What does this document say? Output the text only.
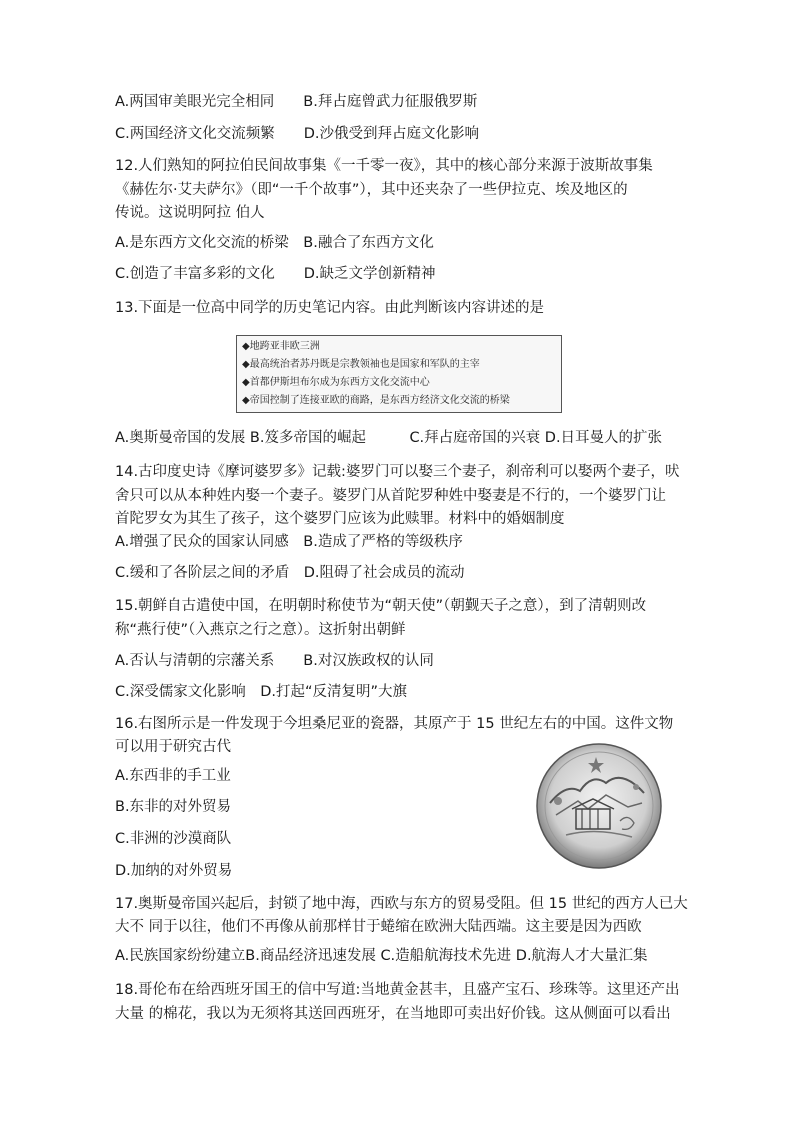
A.两国审美眼光完全相同　　B.拜占庭曾武力征服俄罗斯
C.两国经济文化交流频繁　　D.沙俄受到拜占庭文化影响
12.人们熟知的阿拉伯民间故事集《一千零一夜》，其中的核心部分来源于波斯故事集
《赫佐尔·艾夫萨尔》（即“一千个故事”），其中还夹杂了一些伊拉克、埃及地区的
传说。这说明阿拉 伯人
A.是东西方文化交流的桥梁　B.融合了东西方文化
C.创造了丰富多彩的文化　　D.缺乏文学创新精神
13.下面是一位高中同学的历史笔记内容。由此判断该内容讲述的是
◆地跨亚非欧三洲
◆最高统治者苏丹既是宗教领袖也是国家和军队的主宰
◆首都伊斯坦布尔成为东西方文化交流中心
◆帝国控制了连接亚欧的商路，是东西方经济文化交流的桥梁
A.奥斯曼帝国的发展 B.笈多帝国的崛起　　　C.拜占庭帝国的兴衰 D.日耳曼人的扩张
14.古印度史诗《摩诃婆罗多》记载:婆罗门可以娶三个妻子，刹帝利可以娶两个妻子，吠
舍只可以从本种姓内娶一个妻子。婆罗门从首陀罗种姓中娶妻是不行的，一个婆罗门让
首陀罗女为其生了孩子，这个婆罗门应该为此赎罪。材料中的婚姻制度
A.增强了民众的国家认同感　B.造成了严格的等级秩序
C.缓和了各阶层之间的矛盾　D.阻碍了社会成员的流动
15.朝鲜自古遣使中国，在明朝时称使节为“朝天使”（朝觐天子之意），到了清朝则改
称“燕行使”（入燕京之行之意）。这折射出朝鲜
A.否认与清朝的宗藩关系　　B.对汉族政权的认同
C.深受儒家文化影响　D.打起“反清复明”大旗
16.右图所示是一件发现于今坦桑尼亚的瓷器，其原产于 15 世纪左右的中国。这件文物
可以用于研究古代
A.东西非的手工业
B.东非的对外贸易
C.非洲的沙漠商队
D.加纳的对外贸易
17.奥斯曼帝国兴起后，封锁了地中海，西欧与东方的贸易受阻。但 15 世纪的西方人已大
大不 同于以往，他们不再像从前那样甘于蜷缩在欧洲大陆西端。这主要是因为西欧
A.民族国家纷纷建立B.商品经济迅速发展 C.造船航海技术先进 D.航海人才大量汇集
18.哥伦布在给西班牙国王的信中写道:当地黄金甚丰，且盛产宝石、珍珠等。这里还产出
大量 的棉花，我以为无须将其送回西班牙，在当地即可卖出好价钱。这从侧面可以看出
